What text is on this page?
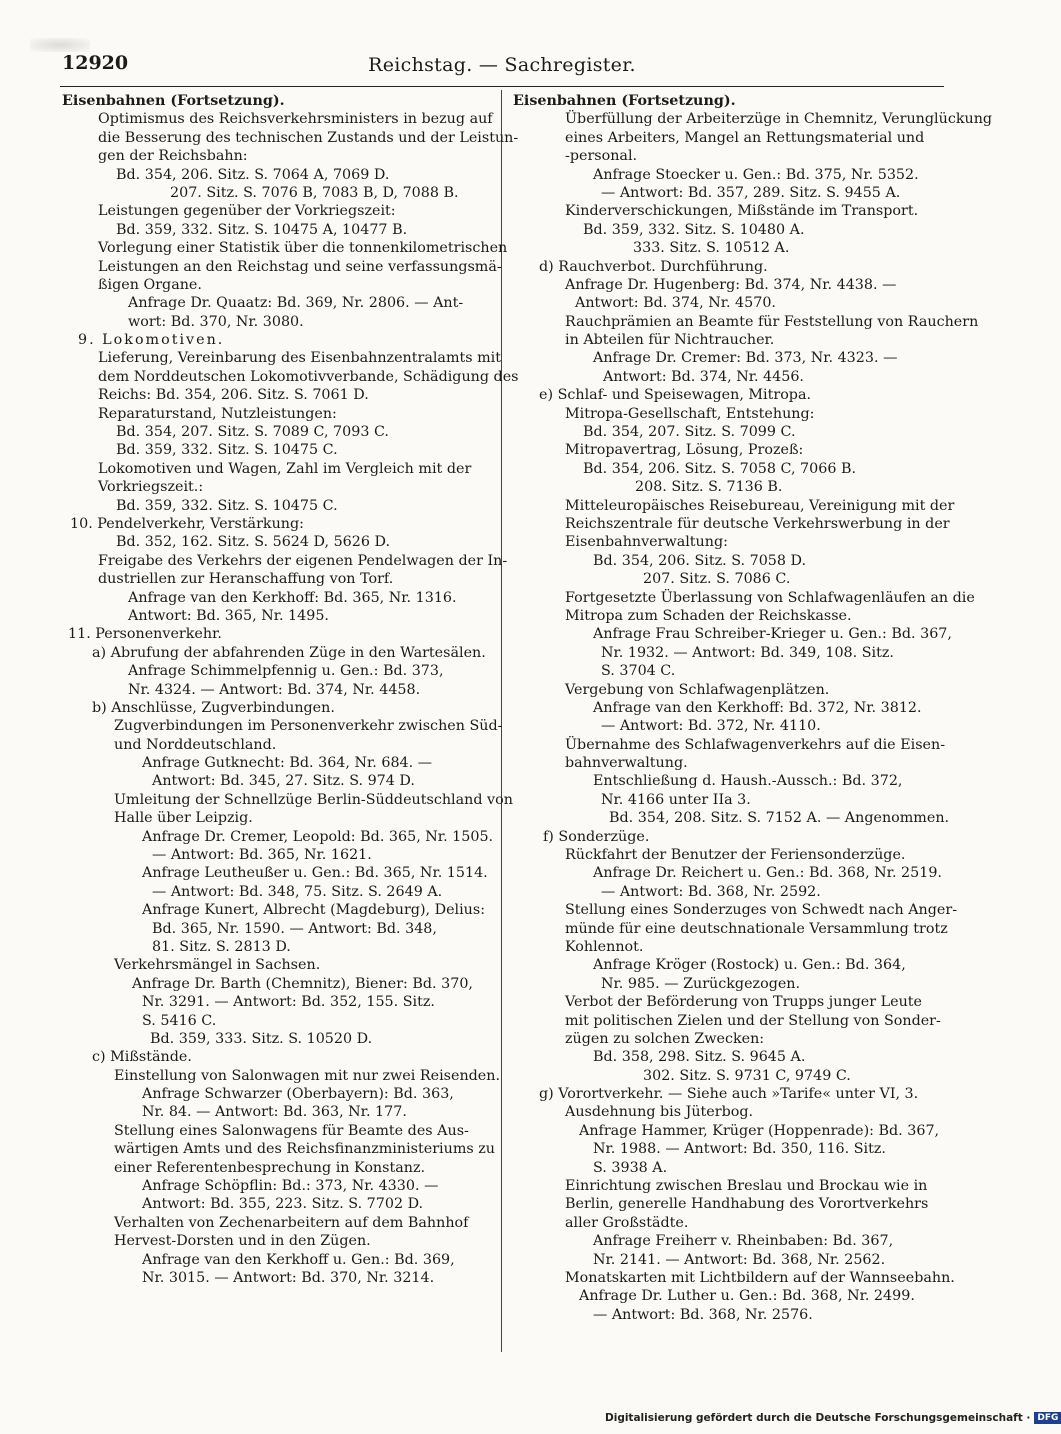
12920	Reichstag. — Sachregister.
Eisenbahnen (Fortsetzung).
Optimismus des Reichsverkehrsministers in bezug auf
die Besserung des technischen Zustands und der Leistun-
gen der Reichsbahn:
Bd. 354, 206. Sitz. S. 7064 A, 7069 D.
207. Sitz. S. 7076 B, 7083 B, D, 7088 B.
Leistungen gegenüber der Vorkriegszeit:
Bd. 359, 332. Sitz. S. 10475 A, 10477 B.
Vorlegung einer Statistik über die tonnenkilometrischen
Leistungen an den Reichstag und seine verfassungsmä-
ßigen Organe.
Anfrage Dr. Quaatz: Bd. 369, Nr. 2806. — Ant-
wort: Bd. 370, Nr. 3080.
9. Lokomotiven.
Lieferung, Vereinbarung des Eisenbahnzentralamts mit
dem Norddeutschen Lokomotivverbande, Schädigung des
Reichs: Bd. 354, 206. Sitz. S. 7061 D.
Reparaturstand, Nutzleistungen:
Bd. 354, 207. Sitz. S. 7089 C, 7093 C.
Bd. 359, 332. Sitz. S. 10475 C.
Lokomotiven und Wagen, Zahl im Vergleich mit der
Vorkriegszeit.:
Bd. 359, 332. Sitz. S. 10475 C.
10. Pendelverkehr, Verstärkung:
Bd. 352, 162. Sitz. S. 5624 D, 5626 D.
Freigabe des Verkehrs der eigenen Pendelwagen der In-
dustriellen zur Heranschaffung von Torf.
Anfrage van den Kerkhoff: Bd. 365, Nr. 1316.
Antwort: Bd. 365, Nr. 1495.
11. Personenverkehr.
a) Abrufung der abfahrenden Züge in den Wartesälen.
Anfrage Schimmelpfennig u. Gen.: Bd. 373,
Nr. 4324. — Antwort: Bd. 374, Nr. 4458.
b) Anschlüsse, Zugverbindungen.
Zugverbindungen im Personenverkehr zwischen Süd-
und Norddeutschland.
Anfrage Gutknecht: Bd. 364, Nr. 684. —
Antwort: Bd. 345, 27. Sitz. S. 974 D.
Umleitung der Schnellzüge Berlin-Süddeutschland von
Halle über Leipzig.
Anfrage Dr. Cremer, Leopold: Bd. 365, Nr. 1505.
— Antwort: Bd. 365, Nr. 1621.
Anfrage Leutheußer u. Gen.: Bd. 365, Nr. 1514.
— Antwort: Bd. 348, 75. Sitz. S. 2649 A.
Anfrage Kunert, Albrecht (Magdeburg), Delius:
Bd. 365, Nr. 1590. — Antwort: Bd. 348,
81. Sitz. S. 2813 D.
Verkehrsmängel in Sachsen.
Anfrage Dr. Barth (Chemnitz), Biener: Bd. 370,
Nr. 3291. — Antwort: Bd. 352, 155. Sitz.
S. 5416 C.
Bd. 359, 333. Sitz. S. 10520 D.
c) Mißstände.
Einstellung von Salonwagen mit nur zwei Reisenden.
Anfrage Schwarzer (Oberbayern): Bd. 363,
Nr. 84. — Antwort: Bd. 363, Nr. 177.
Stellung eines Salonwagens für Beamte des Aus-
wärtigen Amts und des Reichsfinanzministeriums zu
einer Referentenbesprechung in Konstanz.
Anfrage Schöpflin: Bd.: 373, Nr. 4330. —
Antwort: Bd. 355, 223. Sitz. S. 7702 D.
Verhalten von Zechenarbeitern auf dem Bahnhof
Hervest-Dorsten und in den Zügen.
Anfrage van den Kerkhoff u. Gen.: Bd. 369,
Nr. 3015. — Antwort: Bd. 370, Nr. 3214.
Eisenbahnen (Fortsetzung).
Überfüllung der Arbeiterzüge in Chemnitz, Verunglückung
eines Arbeiters, Mangel an Rettungsmaterial und
-personal.
Anfrage Stoecker u. Gen.: Bd. 375, Nr. 5352.
— Antwort: Bd. 357, 289. Sitz. S. 9455 A.
Kinderverschickungen, Mißstände im Transport.
Bd. 359, 332. Sitz. S. 10480 A.
333. Sitz. S. 10512 A.
d) Rauchverbot. Durchführung.
Anfrage Dr. Hugenberg: Bd. 374, Nr. 4438. —
Antwort: Bd. 374, Nr. 4570.
Rauchprämien an Beamte für Feststellung von Rauchern
in Abteilen für Nichtraucher.
Anfrage Dr. Cremer: Bd. 373, Nr. 4323. —
Antwort: Bd. 374, Nr. 4456.
e) Schlaf- und Speisewagen, Mitropa.
Mitropa-Gesellschaft, Entstehung:
Bd. 354, 207. Sitz. S. 7099 C.
Mitropavertrag, Lösung, Prozeß:
Bd. 354, 206. Sitz. S. 7058 C, 7066 B.
208. Sitz. S. 7136 B.
Mitteleuropäisches Reisebureau, Vereinigung mit der
Reichszentrale für deutsche Verkehrswerbung in der
Eisenbahnverwaltung:
Bd. 354, 206. Sitz. S. 7058 D.
207. Sitz. S. 7086 C.
Fortgesetzte Überlassung von Schlafwagenläufen an die
Mitropa zum Schaden der Reichskasse.
Anfrage Frau Schreiber-Krieger u. Gen.: Bd. 367,
Nr. 1932. — Antwort: Bd. 349, 108. Sitz.
S. 3704 C.
Vergebung von Schlafwagenplätzen.
Anfrage van den Kerkhoff: Bd. 372, Nr. 3812.
— Antwort: Bd. 372, Nr. 4110.
Übernahme des Schlafwagenverkehrs auf die Eisen-
bahnverwaltung.
Entschließung d. Haush.-Aussch.: Bd. 372,
Nr. 4166 unter IIa 3.
Bd. 354, 208. Sitz. S. 7152 A. — Angenommen.
f) Sonderzüge.
Rückfahrt der Benutzer der Feriensonderzüge.
Anfrage Dr. Reichert u. Gen.: Bd. 368, Nr. 2519.
— Antwort: Bd. 368, Nr. 2592.
Stellung eines Sonderzuges von Schwedt nach Anger-
münde für eine deutschnationale Versammlung trotz
Kohlennot.
Anfrage Kröger (Rostock) u. Gen.: Bd. 364,
Nr. 985. — Zurückgezogen.
Verbot der Beförderung von Trupps junger Leute
mit politischen Zielen und der Stellung von Sonder-
zügen zu solchen Zwecken:
Bd. 358, 298. Sitz. S. 9645 A.
302. Sitz. S. 9731 C, 9749 C.
g) Vorortverkehr. — Siehe auch »Tarife« unter VI, 3.
Ausdehnung bis Jüterbog.
Anfrage Hammer, Krüger (Hoppenrade): Bd. 367,
Nr. 1988. — Antwort: Bd. 350, 116. Sitz.
S. 3938 A.
Einrichtung zwischen Breslau und Brockau wie in
Berlin, generelle Handhabung des Vorortverkehrs
aller Großstädte.
Anfrage Freiherr v. Rheinbaben: Bd. 367,
Nr. 2141. — Antwort: Bd. 368, Nr. 2562.
Monatskarten mit Lichtbildern auf der Wannseebahn.
Anfrage Dr. Luther u. Gen.: Bd. 368, Nr. 2499.
— Antwort: Bd. 368, Nr. 2576.
Digitalisierung gefördert durch die Deutsche Forschungsgemeinschaft · DFG
